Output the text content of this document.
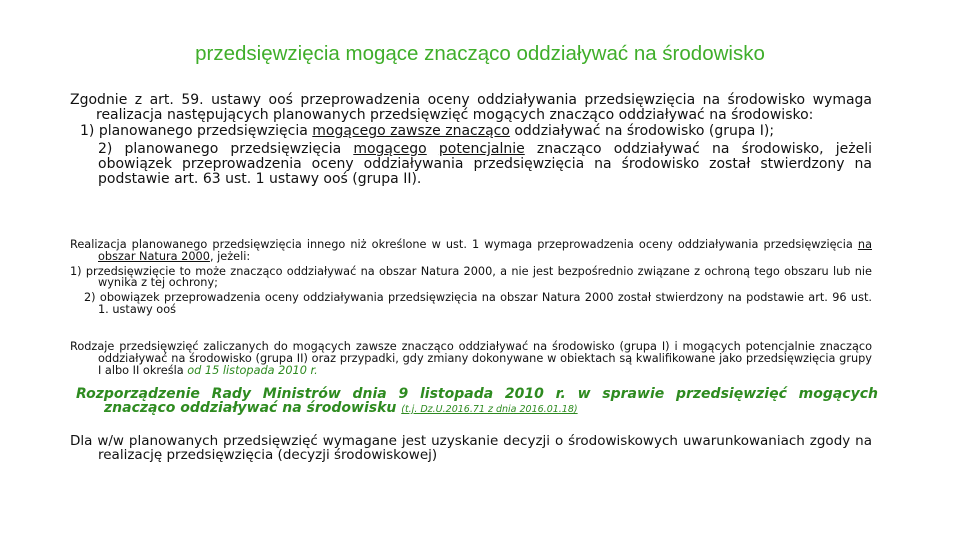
przedsięwzięcia mogące znacząco oddziaływać na środowisko
Zgodnie z art. 59. ustawy ooś przeprowadzenia oceny oddziaływania przedsięwzięcia na środowisko wymaga realizacja następujących planowanych przedsięwzięć mogących znacząco oddziaływać na środowisko:
1) planowanego przedsięwzięcia mogącego zawsze znacząco oddziaływać na środowisko (grupa I);
2) planowanego przedsięwzięcia mogącego potencjalnie znacząco oddziaływać na środowisko, jeżeli obowiązek przeprowadzenia oceny oddziaływania przedsięwzięcia na środowisko został stwierdzony na podstawie art. 63 ust. 1 ustawy ooś (grupa II).
Realizacja planowanego przedsięwzięcia innego niż określone w ust. 1 wymaga przeprowadzenia oceny oddziaływania przedsięwzięcia na obszar Natura 2000, jeżeli:
1) przedsięwzięcie to może znacząco oddziaływać na obszar Natura 2000, a nie jest bezpośrednio związane z ochroną tego obszaru lub nie wynika z tej ochrony;
2) obowiązek przeprowadzenia oceny oddziaływania przedsięwzięcia na obszar Natura 2000 został stwierdzony na podstawie art. 96 ust. 1. ustawy ooś
Rodzaje przedsięwzięć zaliczanych do mogących zawsze znacząco oddziaływać na środowisko (grupa I) i mogących potencjalnie znacząco oddziaływać na środowisko (grupa II) oraz przypadki, gdy zmiany dokonywane w obiektach są kwalifikowane jako przedsięwzięcia grupy I albo II określa od 15 listopada 2010 r.
Rozporządzenie Rady Ministrów dnia 9 listopada 2010 r. w sprawie przedsięwzięć mogących znacząco oddziaływać na środowisku (t.j. Dz.U.2016.71 z dnia 2016.01.18)
Dla w/w planowanych przedsięwzięć wymagane jest uzyskanie decyzji o środowiskowych uwarunkowaniach zgody na realizację przedsięwzięcia (decyzji środowiskowej)
